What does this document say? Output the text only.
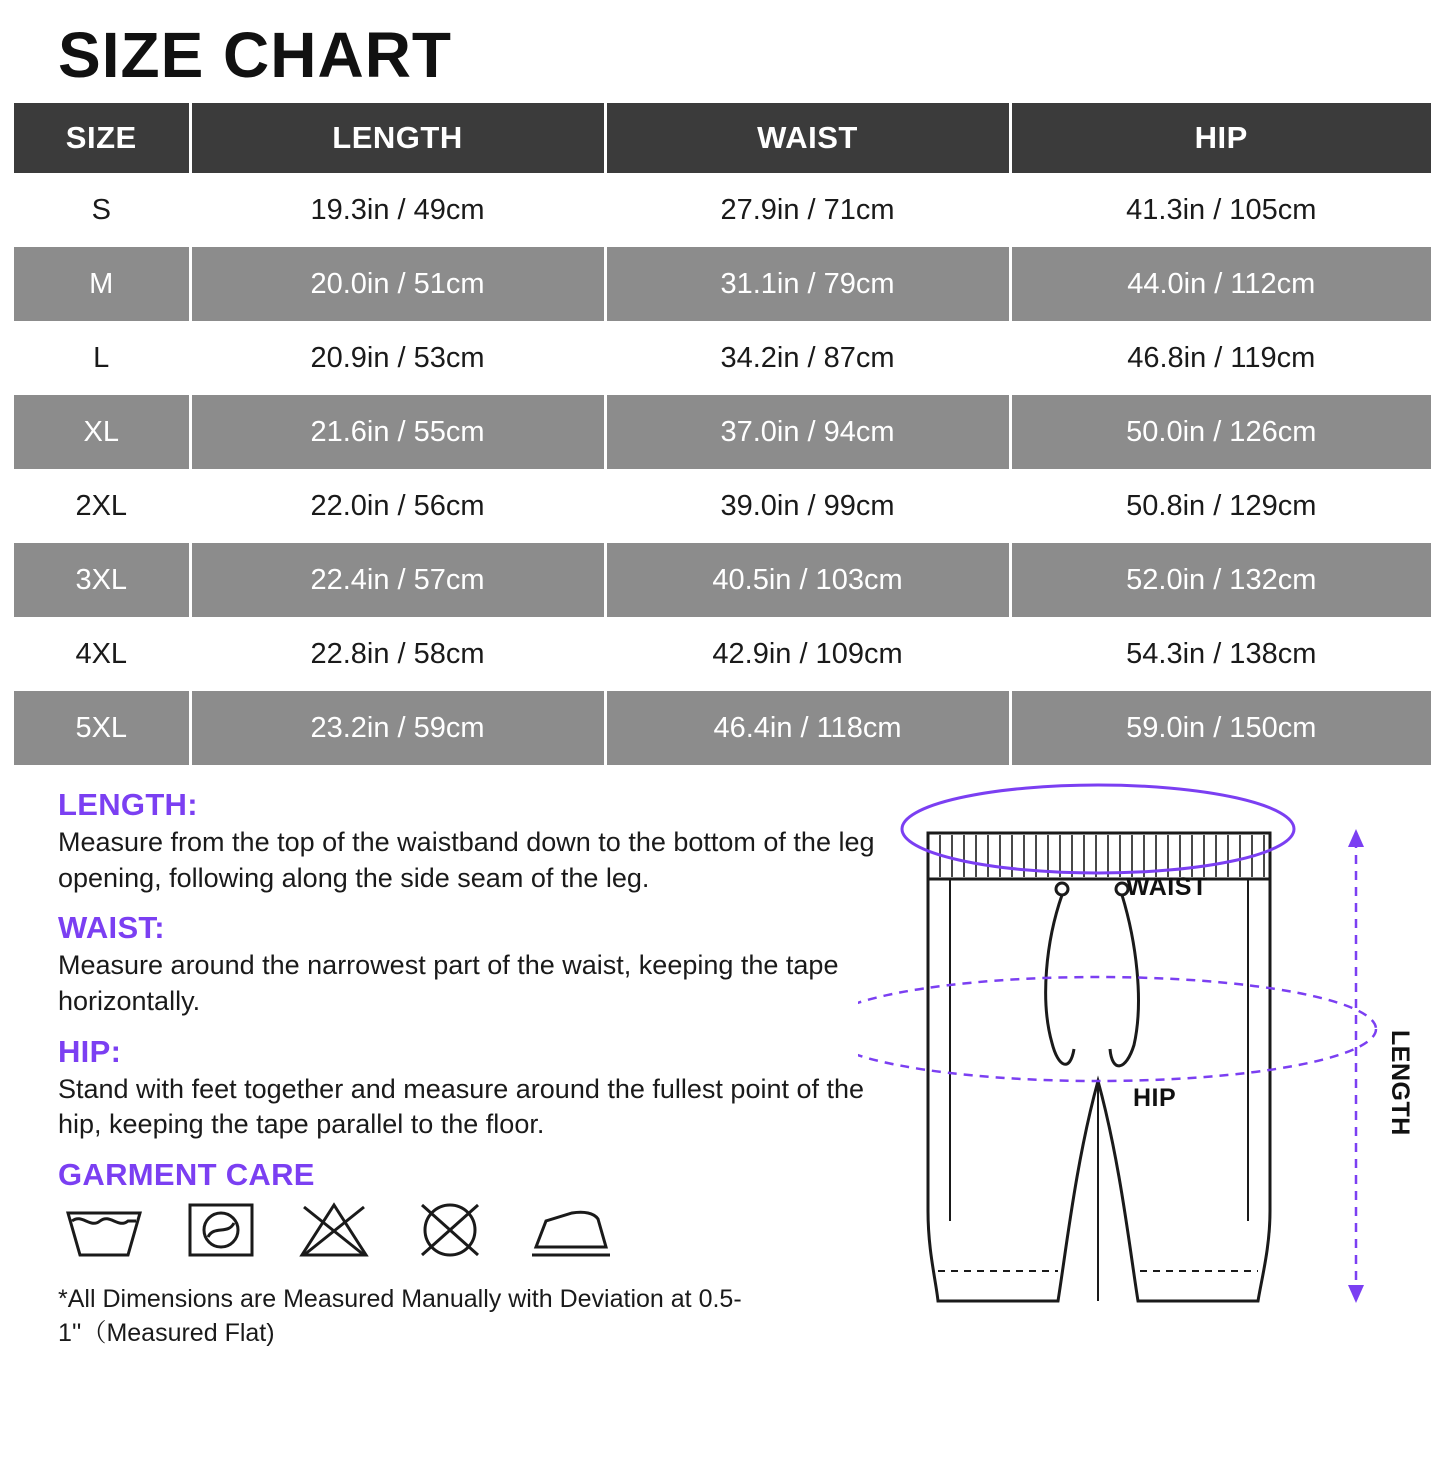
SIZE CHART
SIZE	LENGTH	WAIST	HIP
S	19.3in / 49cm	27.9in / 71cm	41.3in / 105cm
M	20.0in / 51cm	31.1in / 79cm	44.0in / 112cm
L	20.9in / 53cm	34.2in / 87cm	46.8in / 119cm
XL	21.6in / 55cm	37.0in / 94cm	50.0in / 126cm
2XL	22.0in / 56cm	39.0in / 99cm	50.8in / 129cm
3XL	22.4in / 57cm	40.5in / 103cm	52.0in / 132cm
4XL	22.8in / 58cm	42.9in / 109cm	54.3in / 138cm
5XL	23.2in / 59cm	46.4in / 118cm	59.0in / 150cm
LENGTH:

Measure from the top of the waistband down to the bottom of the leg opening, following along the side seam of the leg.

WAIST:

Measure around the narrowest part of the waist, keeping the tape horizontally.

HIP:

Stand with feet together and measure around the fullest point of the hip, keeping the tape parallel to the floor.

GARMENT CARE
*All Dimensions are Measured Manually with Deviation at 0.5-1''（Measured Flat)
WAIST
HIP	LENGTH
